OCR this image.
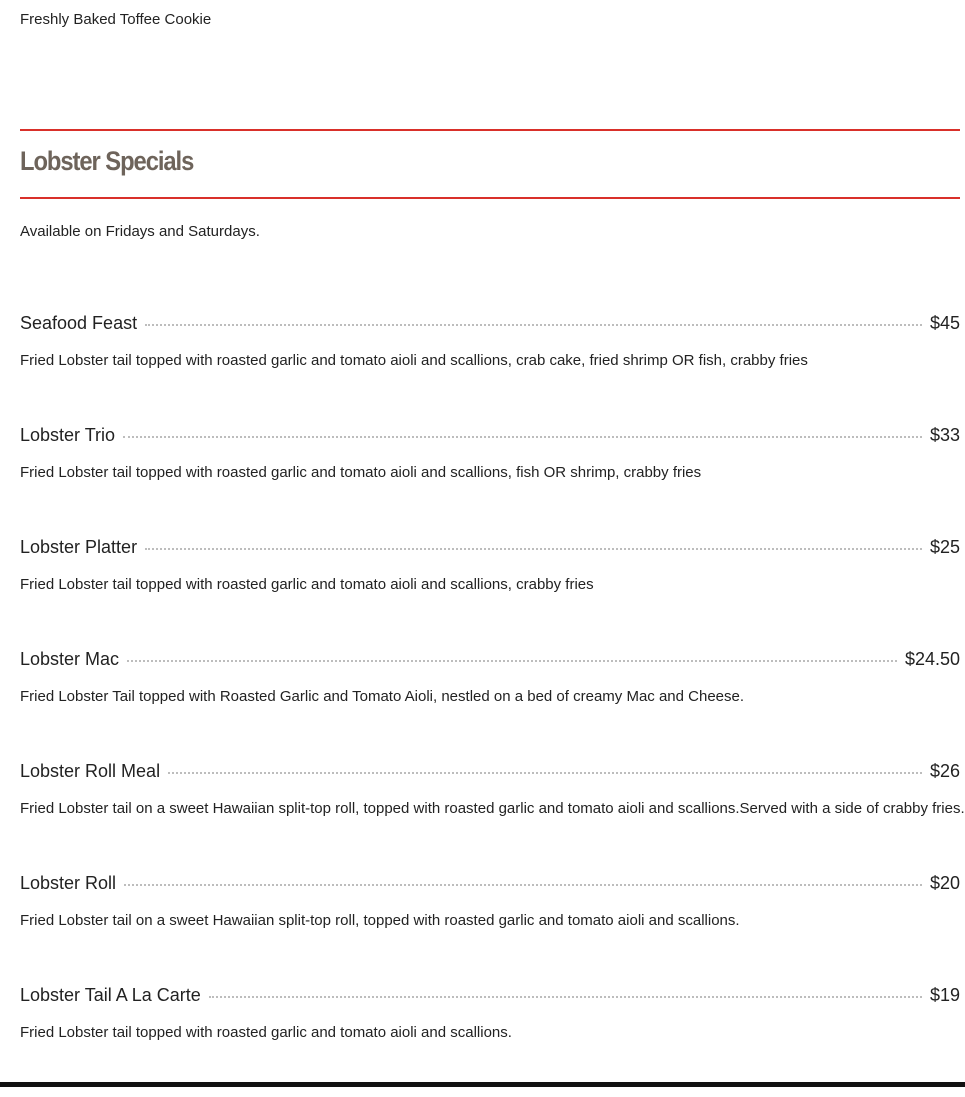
Freshly Baked Toffee Cookie
Lobster Specials
Available on Fridays and Saturdays.
Seafood Feast	$45
Fried Lobster tail topped with roasted garlic and tomato aioli and scallions, crab cake, fried shrimp OR fish, crabby fries
Lobster Trio	$33
Fried Lobster tail topped with roasted garlic and tomato aioli and scallions, fish OR shrimp, crabby fries
Lobster Platter	$25
Fried Lobster tail topped with roasted garlic and tomato aioli and scallions, crabby fries
Lobster Mac	$24.50
Fried Lobster Tail topped with Roasted Garlic and Tomato Aioli, nestled on a bed of creamy Mac and Cheese.
Lobster Roll Meal	$26
Fried Lobster tail on a sweet Hawaiian split-top roll, topped with roasted garlic and tomato aioli and scallions.Served with a side of crabby fries.
Lobster Roll	$20
Fried Lobster tail on a sweet Hawaiian split-top roll, topped with roasted garlic and tomato aioli and scallions.
Lobster Tail A La Carte	$19
Fried Lobster tail topped with roasted garlic and tomato aioli and scallions.
